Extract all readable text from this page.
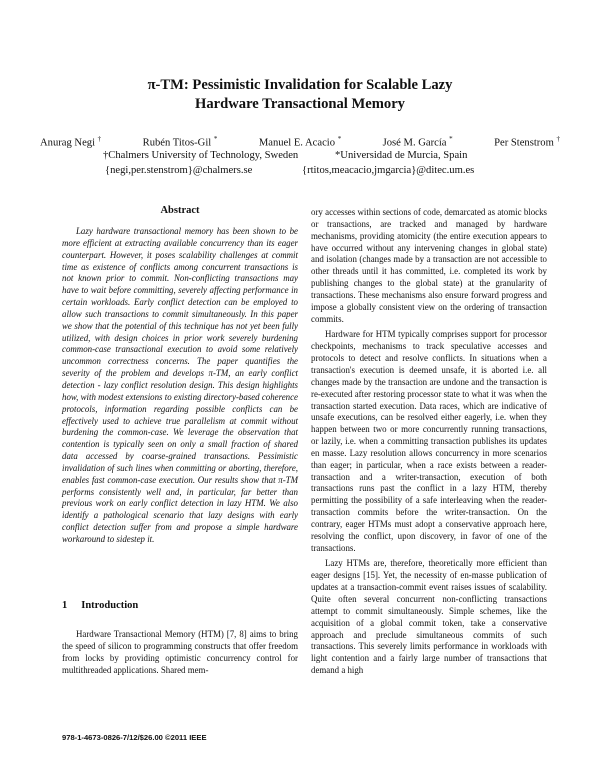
π-TM: Pessimistic Invalidation for Scalable Lazy
Hardware Transactional Memory
Anurag Negi †	Rubén Titos-Gil *	Manuel E. Acacio *	José M. García *	Per Stenstrom †
†Chalmers University of Technology, Sweden	*Universidad de Murcia, Spain
{negi,per.stenstrom}@chalmers.se	{rtitos,meacacio,jmgarcia}@ditec.um.es
Abstract

Lazy hardware transactional memory has been shown to be more efficient at extracting available concurrency than its eager counterpart. However, it poses scalability challenges at commit time as existence of conflicts among concurrent transactions is not known prior to commit. Non-conflicting transactions may have to wait before committing, severely affecting performance in certain workloads. Early conflict detection can be employed to allow such transactions to commit simultaneously. In this paper we show that the potential of this technique has not yet been fully utilized, with design choices in prior work severely burdening common-case transactional execution to avoid some relatively uncommon correctness concerns. The paper quantifies the severity of the problem and develops π-TM, an early conflict detection - lazy conflict resolution design. This design highlights how, with modest extensions to existing directory-based coherence protocols, information regarding possible conflicts can be effectively used to achieve true parallelism at commit without burdening the common-case. We leverage the observation that contention is typically seen on only a small fraction of shared data accessed by coarse-grained transactions. Pessimistic invalidation of such lines when committing or aborting, therefore, enables fast common-case execution. Our results show that π-TM performs consistently well and, in particular, far better than previous work on early conflict detection in lazy HTM. We also identify a pathological scenario that lazy designs with early conflict detection suffer from and propose a simple hardware workaround to sidestep it.

1 Introduction

Hardware Transactional Memory (HTM) [7, 8] aims to bring the speed of silicon to programming constructs that offer freedom from locks by providing optimistic concurrency control for multithreaded applications. Shared mem-

ory accesses within sections of code, demarcated as atomic blocks or transactions, are tracked and managed by hardware mechanisms, providing atomicity (the entire execution appears to have occurred without any intervening changes in global state) and isolation (changes made by a transaction are not accessible to other threads until it has committed, i.e. completed its work by publishing changes to the global state) at the granularity of transactions. These mechanisms also ensure forward progress and impose a globally consistent view on the ordering of transaction commits.

Hardware for HTM typically comprises support for processor checkpoints, mechanisms to track speculative accesses and protocols to detect and resolve conflicts. In situations when a transaction's execution is deemed unsafe, it is aborted i.e. all changes made by the transaction are undone and the transaction is re-executed after restoring processor state to what it was when the transaction started execution. Data races, which are indicative of unsafe executions, can be resolved either eagerly, i.e. when they happen between two or more concurrently running transactions, or lazily, i.e. when a committing transaction publishes its updates en masse. Lazy resolution allows concurrency in more scenarios than eager; in particular, when a race exists between a reader-transaction and a writer-transaction, execution of both transactions runs past the conflict in a lazy HTM, thereby permitting the possibility of a safe interleaving when the reader-transaction commits before the writer-transaction. On the contrary, eager HTMs must adopt a conservative approach here, resolving the conflict, upon discovery, in favor of one of the transactions.

Lazy HTMs are, therefore, theoretically more efficient than eager designs [15]. Yet, the necessity of en-masse publication of updates at a transaction-commit event raises issues of scalability. Quite often several concurrent non-conflicting transactions attempt to commit simultaneously. Simple schemes, like the acquisition of a global commit token, take a conservative approach and preclude simultaneous commits of such transactions. This severely limits performance in workloads with light contention and a fairly large number of transactions that demand a high

978-1-4673-0826-7/12/$26.00 ©2011 IEEE
